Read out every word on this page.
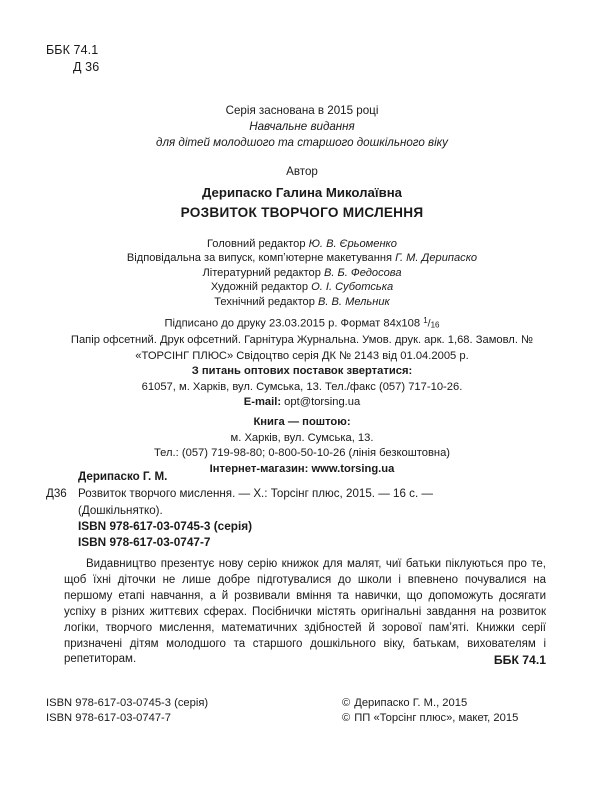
ББК 74.1
Д 36
Серія заснована в 2015 році
Навчальне видання
для дітей молодшого та старшого дошкільного віку
Автор
Дерипаско Галина Миколаївна
РОЗВИТОК ТВОРЧОГО МИСЛЕННЯ
Головний редактор Ю. В. Єрьоменко
Відповідальна за випуск, компʼютерне макетування Г. М. Дерипаско
Літературний редактор В. Б. Федосова
Художній редактор О. І. Суботська
Технічний редактор В. В. Мельник
Підписано до друку 23.03.2015 р. Формат 84х108 $^1$/16
Папір офсетний. Друк офсетний. Гарнітура Журнальна. Умов. друк. арк. 1,68. Замовл. №
«ТОРСІНГ ПЛЮС» Свідоцтво серія ДК № 2143 від 01.04.2005 р.
З питань оптових поставок звертатися:
61057, м. Харків, вул. Сумська, 13. Тел./факс (057) 717-10-26.
E-mail: opt@torsing.ua
Книга — поштою:
м. Харків, вул. Сумська, 13.
Тел.: (057) 719-98-80; 0-800-50-10-26 (лінія безкоштовна)
Інтернет-магазин: www.torsing.ua
Дерипаско Г. М.
Д36 Розвиток творчого мислення. — Х.: Торсінг плюс, 2015. — 16 с. —
(Дошкільнятко).
ISBN 978-617-03-0745-3 (серія)
ISBN 978-617-03-0747-7
Видавництво презентує нову серію книжок для малят, чиї батьки піклуються про те, щоб їхні діточки не лише добре підготувалися до школи і впевнено почувалися на першому етапі навчання, а й розвивали вміння та навички, що допоможуть досягати успіху в різних життєвих сферах. Посібнички містять оригінальні завдання на розвиток логіки, творчого мислення, математичних здібностей й зорової памʼяті. Книжки серії призначені дітям молодшого та старшого дошкільного віку, батькам, вихователям і репетиторам.	ББК 74.1
ISBN 978-617-03-0745-3 (серія)
ISBN 978-617-03-0747-7
© Дерипаско Г. М., 2015
© ПП «Торсінг плюс», макет, 2015
